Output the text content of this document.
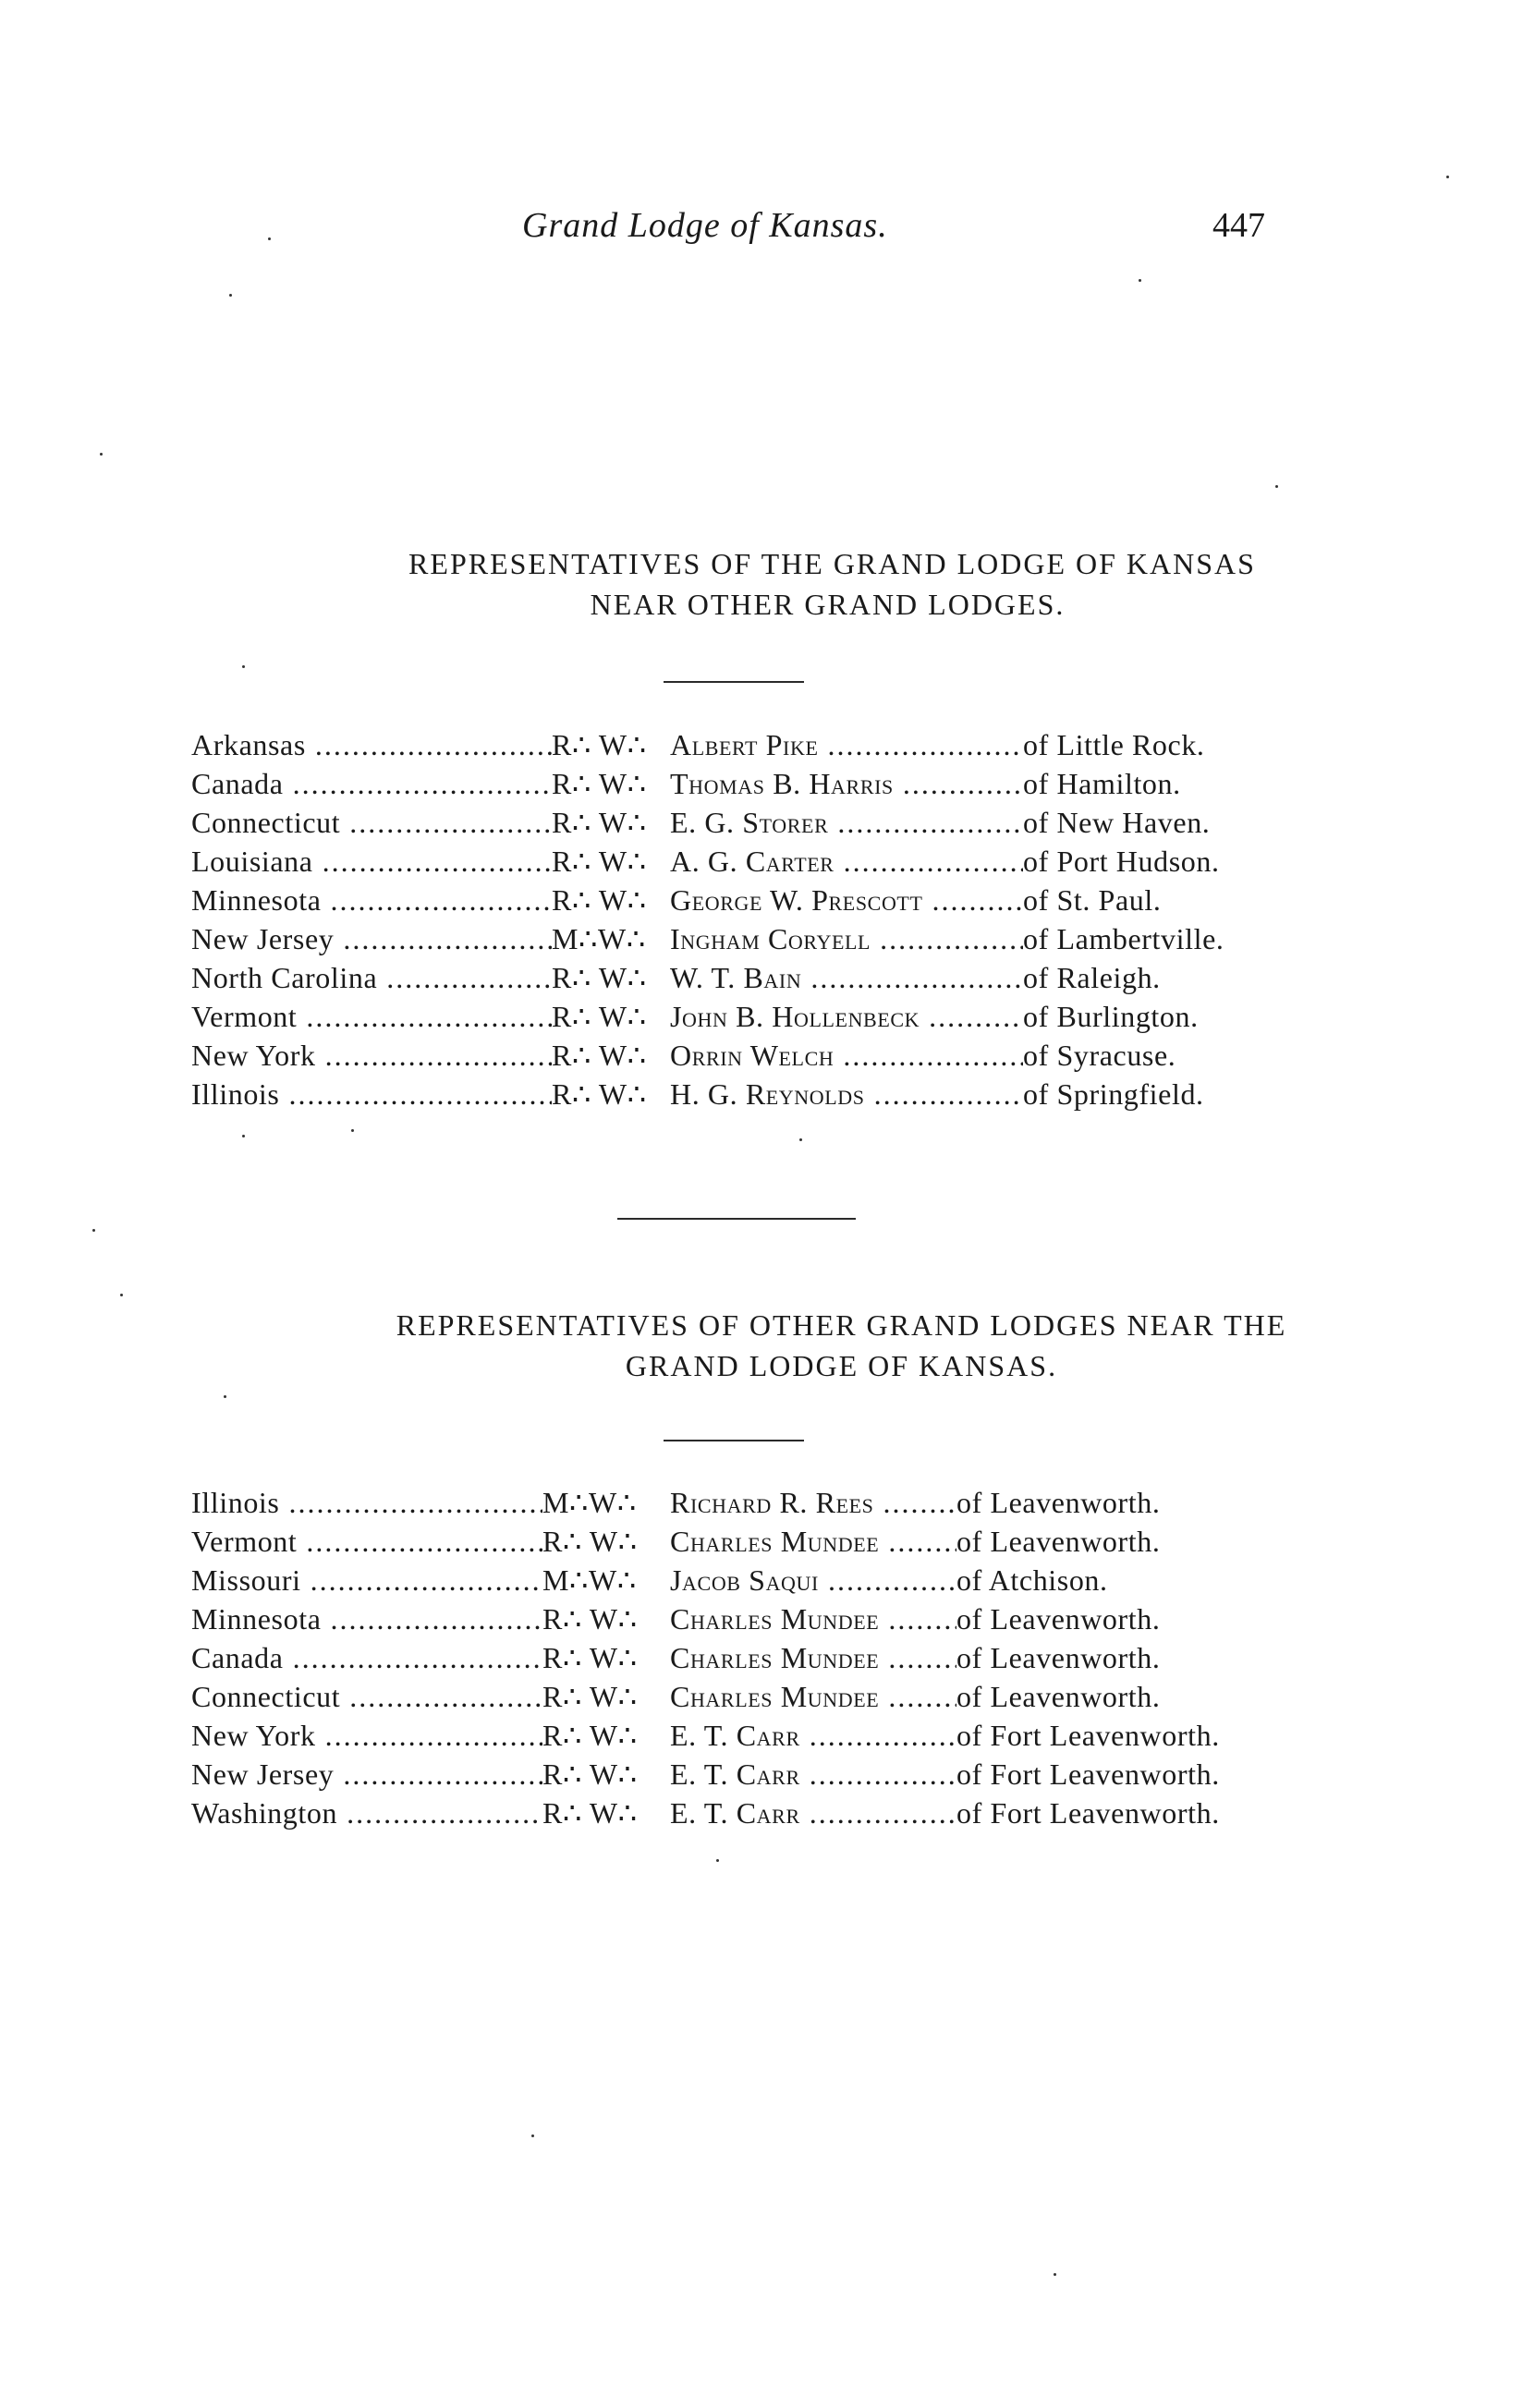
Grand Lodge of Kansas.	447
REPRESENTATIVES OF THE GRAND LODGE OF KANSAS
NEAR OTHER GRAND LODGES.
Arkansas .....	R∴ W∴ Albert Pike .....	of Little Rock.
Canada .....	R∴ W∴ Thomas B. Harris .....	of Hamilton.
Connecticut .....	R∴ W∴ E. G. Storer .....	of New Haven.
Louisiana .....	R∴ W∴ A. G. Carter .....	of Port Hudson.
Minnesota .....	R∴ W∴ George W. Prescott .....	of St. Paul.
New Jersey .....	M∴W∴ Ingham Coryell .....	of Lambertville.
North Carolina .....	R∴ W∴ W. T. Bain .....	of Raleigh.
Vermont .....	R∴ W∴ John B. Hollenbeck .....	of Burlington.
New York .....	R∴ W∴ Orrin Welch .....	of Syracuse.
Illinois .....	R∴ W∴ H. G. Reynolds .....	of Springfield.
REPRESENTATIVES OF OTHER GRAND LODGES NEAR THE
GRAND LODGE OF KANSAS.
Illinois .....	M∴W∴	Richard R. Rees .....	of Leavenworth.
Vermont .....	R∴ W∴	Charles Mundee .....	of Leavenworth.
Missouri .....	M∴W∴	Jacob Saqui .....	of Atchison.
Minnesota .....	R∴ W∴	Charles Mundee .....	of Leavenworth.
Canada .....	R∴ W∴	Charles Mundee .....	of Leavenworth.
Connecticut .....	R∴ W∴	Charles Mundee .....	of Leavenworth.
New York .....	R∴ W∴	E. T. Carr .....	of Fort Leavenworth.
New Jersey .....	R∴ W∴	E. T. Carr .....	of Fort Leavenworth.
Washington .....	R∴ W∴	E. T. Carr .....	of Fort Leavenworth.
